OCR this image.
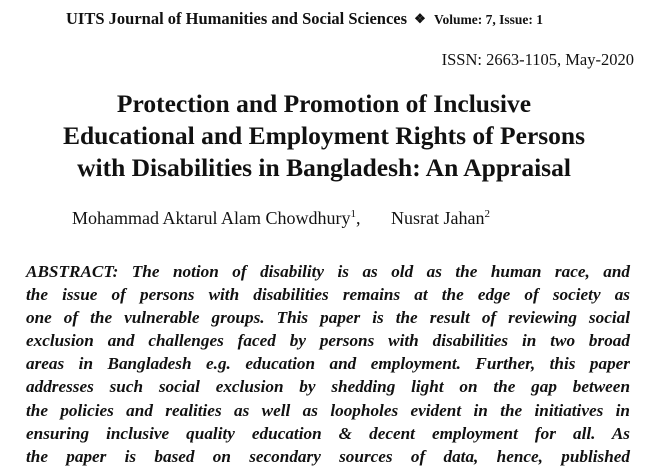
UITS Journal of Humanities and Social Sciences ❖ Volume: 7, Issue: 1
ISSN: 2663-1105, May-2020
Protection and Promotion of Inclusive
Educational and Employment Rights of Persons
with Disabilities in Bangladesh: An Appraisal
Mohammad Aktarul Alam Chowdhury$^1$, Nusrat Jahan$^2$
ABSTRACT: The notion of disability is as old as the human race, and
the issue of persons with disabilities remains at the edge of society as
one of the vulnerable groups. This paper is the result of reviewing social
exclusion and challenges faced by persons with disabilities in two broad
areas in Bangladesh e.g. education and employment. Further, this paper
addresses such social exclusion by shedding light on the gap between
the policies and realities as well as loopholes evident in the initiatives in
ensuring inclusive quality education & decent employment for all. As
the paper is based on secondary sources of data, hence, published
